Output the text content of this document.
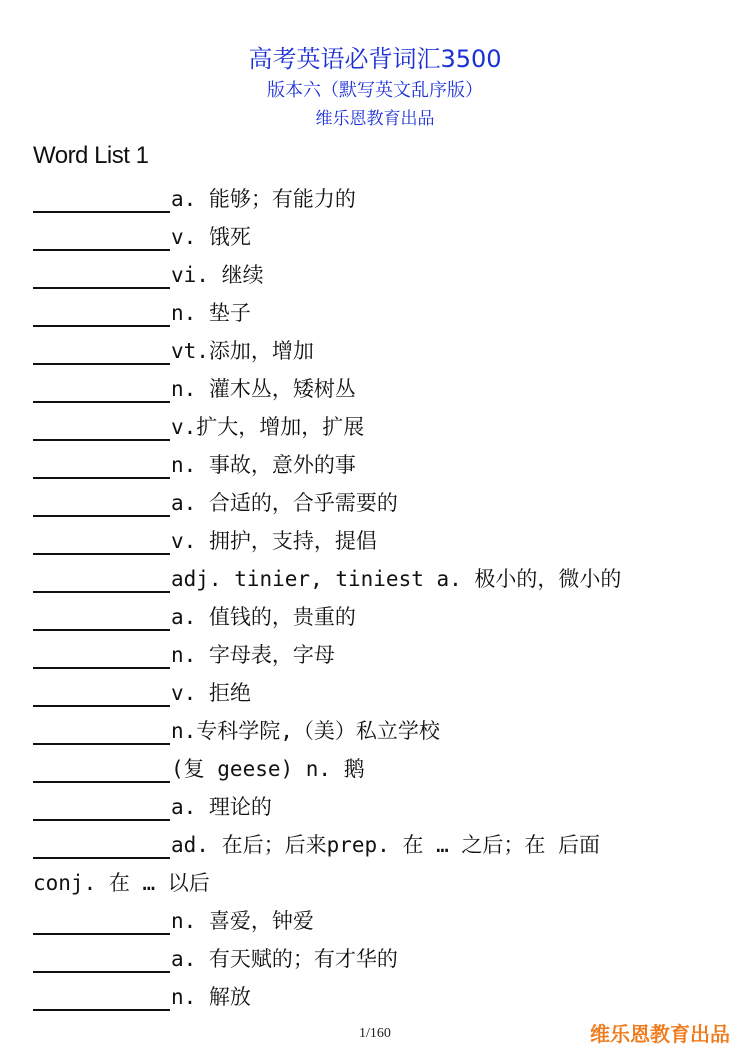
高考英语必背词汇3500

版本六（默写英文乱序版）

维乐恩教育出品

Word List 1
a. 能够；有能力的
v. 饿死
vi. 继续
n. 垫子
vt.添加，增加
n. 灌木丛，矮树丛
v.扩大，增加，扩展
n. 事故，意外的事
a. 合适的，合乎需要的
v. 拥护，支持，提倡
adj. tinier, tiniest a. 极小的，微小的
a. 值钱的，贵重的
n. 字母表，字母
v. 拒绝
n.专科学院,（美）私立学校
(复 geese) n. 鹅
a. 理论的
ad. 在后；后来prep. 在 … 之后；在 后面
conj. 在 … 以后
n. 喜爱，钟爱
a. 有天赋的；有才华的
n. 解放
1/160	维乐恩教育出品
